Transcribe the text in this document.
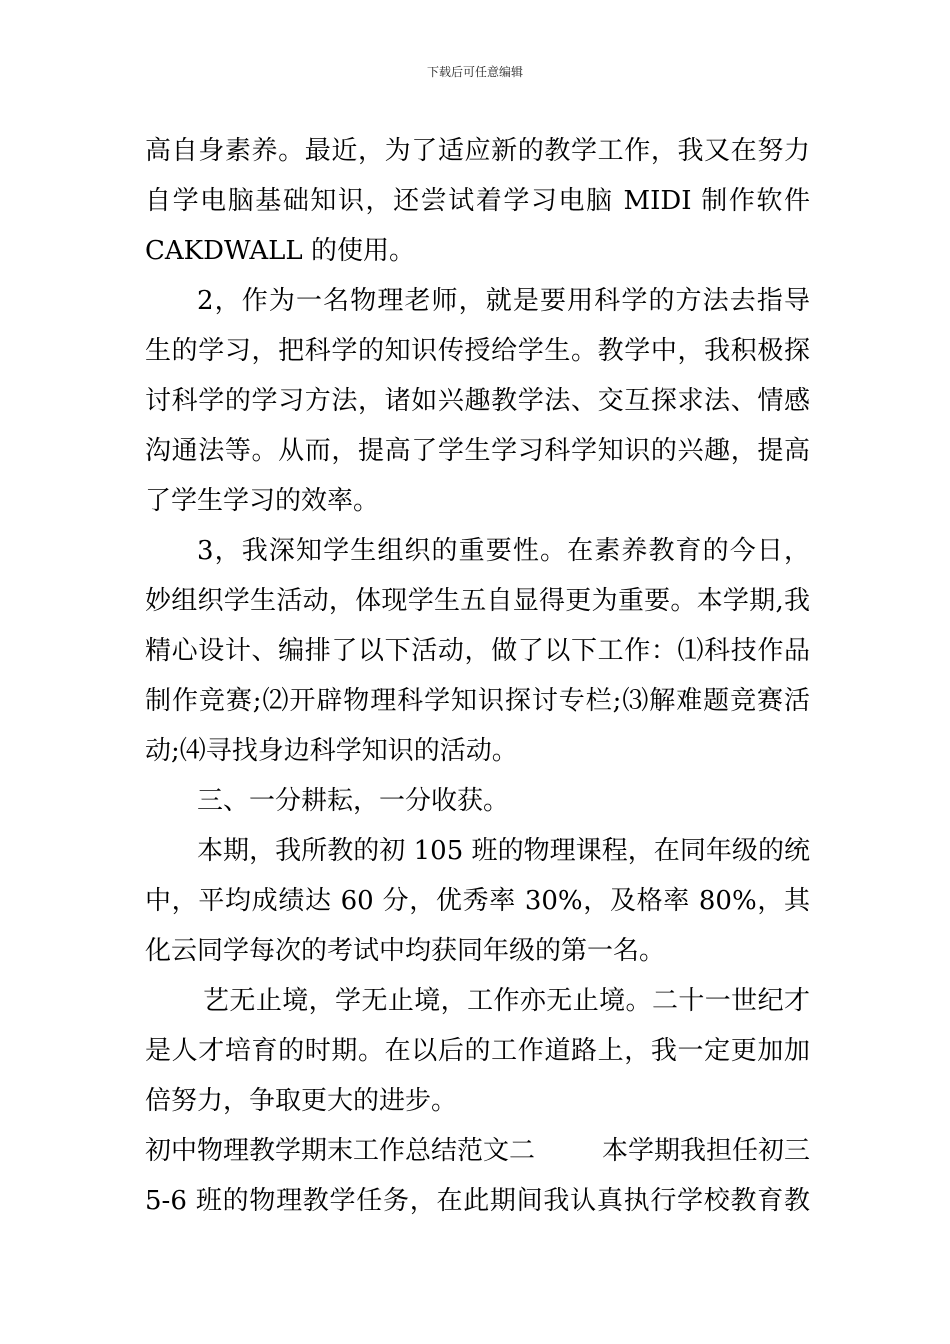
下载后可任意编辑
高自身素养。最近，为了适应新的教学工作，我又在努力
自学电脑基础知识，还尝试着学习电脑 MIDI 制作软件
CAKDWALL 的使用。
2，作为一名物理老师，就是要用科学的方法去指导
生的学习，把科学的知识传授给学生。教学中，我积极探
讨科学的学习方法，诸如兴趣教学法、交互探求法、情感
沟通法等。从而，提高了学生学习科学知识的兴趣，提高
了学生学习的效率。
3，我深知学生组织的重要性。在素养教育的今日，
妙组织学生活动，体现学生五自显得更为重要。本学期,我
精心设计、编排了以下活动，做了以下工作：⑴科技作品
制作竞赛;⑵开辟物理科学知识探讨专栏;⑶解难题竞赛活
动;⑷寻找身边科学知识的活动。
三、一分耕耘，一分收获。
本期，我所教的初 105 班的物理课程，在同年级的统
中，平均成绩达 60 分，优秀率 30%，及格率 80%，其
化云同学每次的考试中均获同年级的第一名。
艺无止境，学无止境，工作亦无止境。二十一世纪才
是人才培育的时期。在以后的工作道路上，我一定更加加
倍努力，争取更大的进步。
初中物理教学期末工作总结范文二	本学期我担任初三
5-6 班的物理教学任务，在此期间我认真执行学校教育教
